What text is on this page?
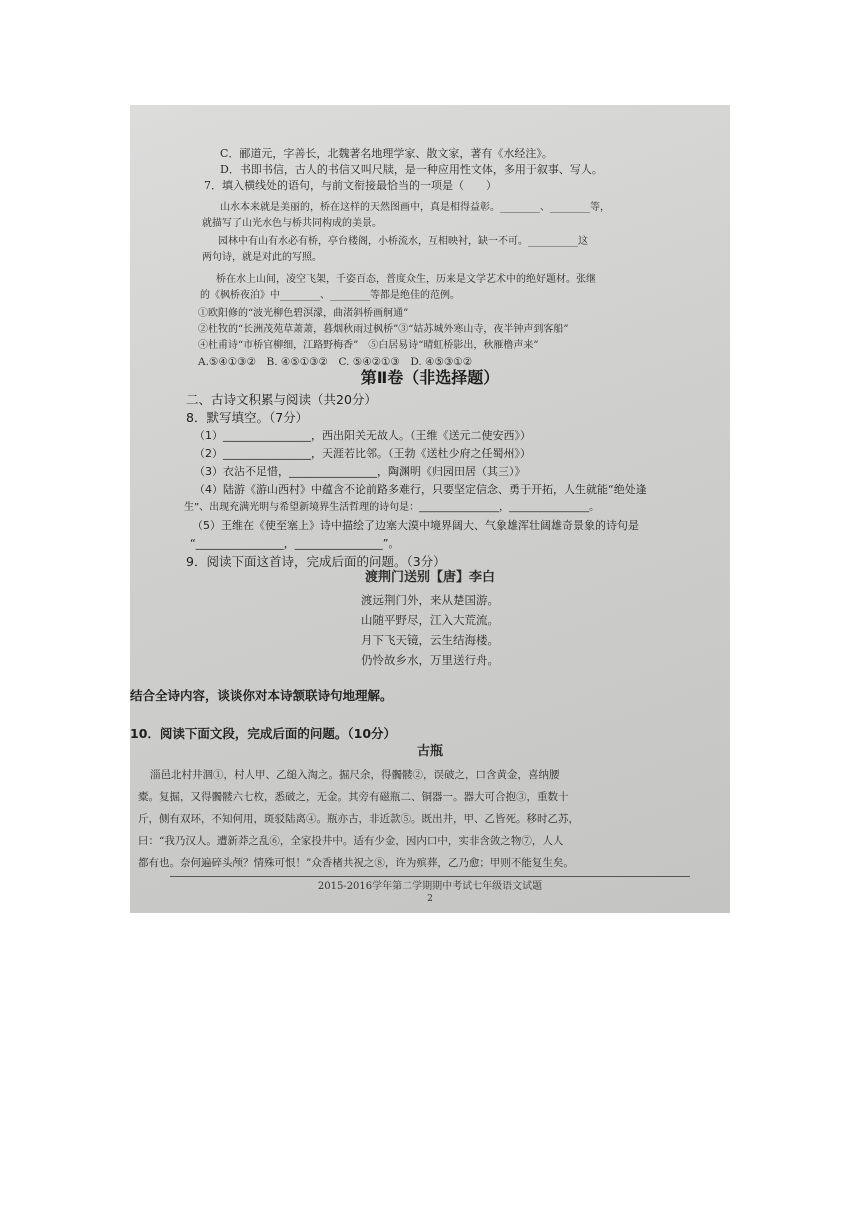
C．郦道元，字善长，北魏著名地理学家、散文家，著有《水经注》。
D．书即书信，古人的书信又叫尺牍，是一种应用性文体，多用于叙事、写人。
7．填入横线处的语句，与前文衔接最恰当的一项是（　　）
山水本来就是美丽的，桥在这样的天然图画中，真是相得益彰。________、________等，
就描写了山光水色与桥共同构成的美景。
园林中有山有水必有桥，亭台楼阁，小桥流水，互相映衬，缺一不可。__________这
两句诗，就是对此的写照。
桥在水上山间，凌空飞架，千姿百态，普度众生，历来是文学艺术中的绝好题材。张继
的《枫桥夜泊》中________、________等都是绝佳的范例。
①欧阳修的“波光柳色碧溟濛，曲渚斜桥画舸通”
②杜牧的“长洲茂苑草萧萧，暮烟秋雨过枫桥”③“姑苏城外寒山寺，夜半钟声到客船”
④杜甫诗“市桥官柳细，江路野梅香”　⑤白居易诗“晴虹桥影出，秋雁橹声来”
A.⑤④①③②　B. ④⑤①③②　C. ⑤④②①③　D. ④⑤③①②
第Ⅱ卷（非选择题）
二、古诗文积累与阅读（共20分）
8．默写填空。（7分）
（1）________________，西出阳关无故人。（王维《送元二使安西》）
（2）________________，天涯若比邻。（王勃《送杜少府之任蜀州》）
（3）衣沾不足惜，________________，陶渊明《归园田居（其三）》
（4）陆游《游山西村》中蕴含不论前路多难行，只要坚定信念、勇于开拓，人生就能“绝处逢
生”、出现充满光明与希望新境界生活哲理的诗句是：________________，________________。
（5）王维在《使至塞上》诗中描绘了边塞大漠中境界阔大、气象雄浑壮阔雄奇景象的诗句是
“________________，________________”。
9．阅读下面这首诗，完成后面的问题。（3分）
渡荆门送别【唐】李白
渡远荆门外，来从楚国游。
山随平野尽，江入大荒流。
月下飞天镜，云生结海楼。
仍怜故乡水，万里送行舟。
结合全诗内容，谈谈你对本诗颔联诗句地理解。
10．阅读下面文段，完成后面的问题。（10分）
古瓶
淄邑北村井涸①，村人甲、乙缒入淘之。掘尺余，得髑髅②，误破之，口含黄金，喜纳腰
橐。复掘，又得髑髅六七枚，悉破之，无金。其旁有磁瓶二、铜器一。器大可合抱③，重数十
斤，侧有双环，不知何用，斑驳陆离④。瓶亦古，非近款⑤。既出井，甲、乙皆死。移时乙苏，
曰：“我乃汉人。遭新莽之乱⑥，全家投井中。适有少金，因内口中，实非含敛之物⑦，人人
都有也。奈何遍碎头颅？情殊可恨！”众香楮共祝之⑧，许为殡葬，乙乃愈；甲则不能复生矣。
2015-2016学年第二学期期中考试七年级语文试题
2
